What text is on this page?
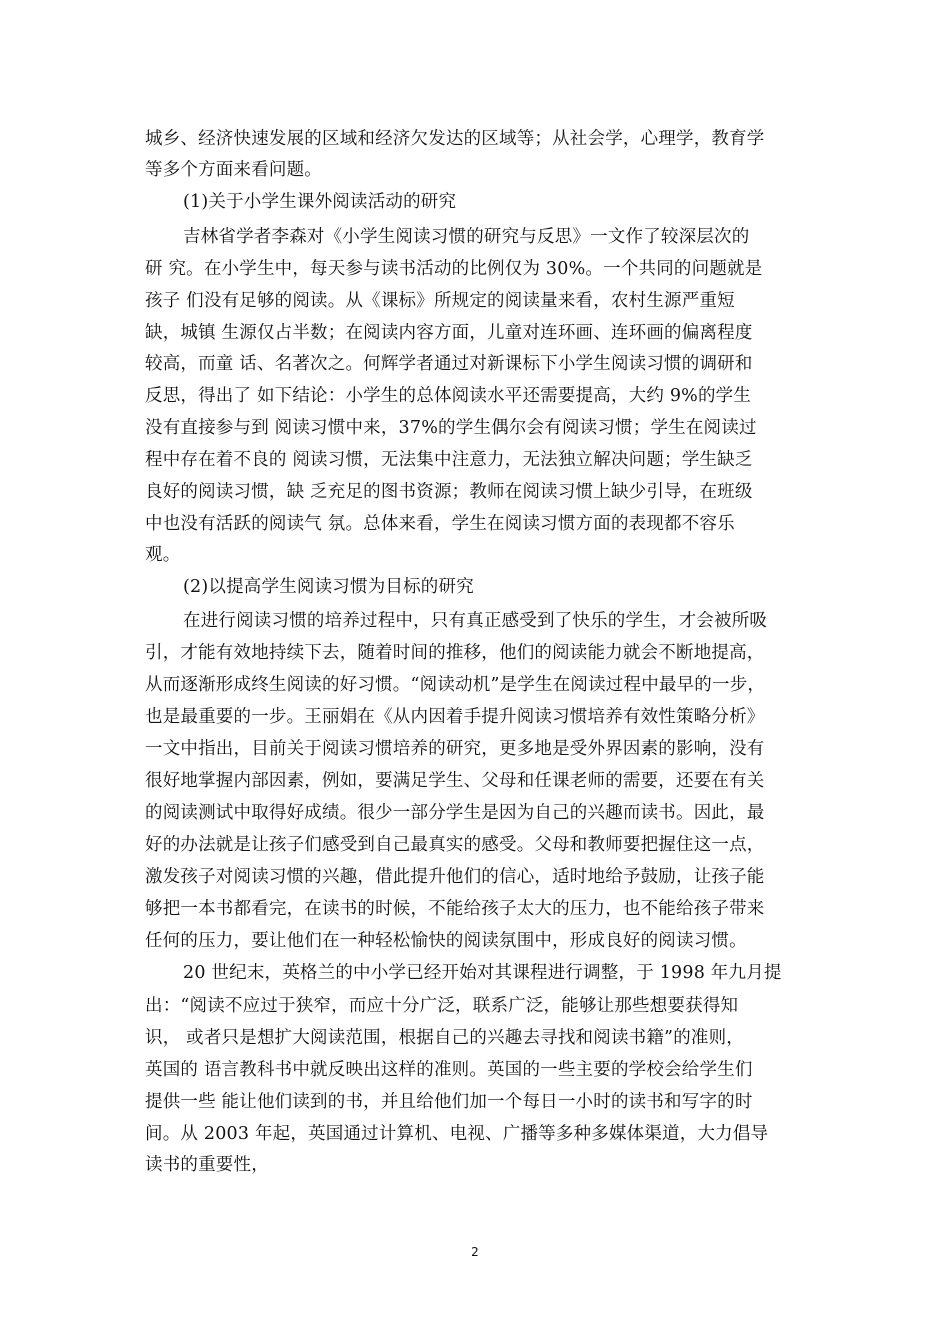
城乡、经济快速发展的区域和经济欠发达的区域等；从社会学，心理学，教育学
等多个方面来看问题。
(1)关于小学生课外阅读活动的研究
吉林省学者李森对《小学生阅读习惯的研究与反思》一文作了较深层次的
研 究。在小学生中，每天参与读书活动的比例仅为 30%。一个共同的问题就是
孩子 们没有足够的阅读。从《课标》所规定的阅读量来看，农村生源严重短
缺，城镇 生源仅占半数；在阅读内容方面，儿童对连环画、连环画的偏离程度
较高，而童 话、名著次之。何辉学者通过对新课标下小学生阅读习惯的调研和
反思，得出了 如下结论：小学生的总体阅读水平还需要提高，大约 9%的学生
没有直接参与到 阅读习惯中来，37%的学生偶尔会有阅读习惯；学生在阅读过
程中存在着不良的 阅读习惯，无法集中注意力，无法独立解决问题；学生缺乏
良好的阅读习惯，缺 乏充足的图书资源；教师在阅读习惯上缺少引导，在班级
中也没有活跃的阅读气 氛。总体来看，学生在阅读习惯方面的表现都不容乐
观。
(2)以提高学生阅读习惯为目标的研究
在进行阅读习惯的培养过程中，只有真正感受到了快乐的学生，才会被所吸
引，才能有效地持续下去，随着时间的推移，他们的阅读能力就会不断地提高，
从而逐渐形成终生阅读的好习惯。“阅读动机”是学生在阅读过程中最早的一步，
也是最重要的一步。王丽娟在《从内因着手提升阅读习惯培养有效性策略分析》
一文中指出，目前关于阅读习惯培养的研究，更多地是受外界因素的影响，没有
很好地掌握内部因素，例如，要满足学生、父母和任课老师的需要，还要在有关
的阅读测试中取得好成绩。很少一部分学生是因为自己的兴趣而读书。因此，最
好的办法就是让孩子们感受到自己最真实的感受。父母和教师要把握住这一点，
激发孩子对阅读习惯的兴趣，借此提升他们的信心，适时地给予鼓励，让孩子能
够把一本书都看完，在读书的时候，不能给孩子太大的压力，也不能给孩子带来
任何的压力，要让他们在一种轻松愉快的阅读氛围中，形成良好的阅读习惯。
20 世纪末，英格兰的中小学已经开始对其课程进行调整，于 1998 年九月提
出：“阅读不应过于狭窄，而应十分广泛，联系广泛，能够让那些想要获得知
识， 或者只是想扩大阅读范围，根据自己的兴趣去寻找和阅读书籍”的准则，
英国的 语言教科书中就反映出这样的准则。英国的一些主要的学校会给学生们
提供一些 能让他们读到的书，并且给他们加一个每日一小时的读书和写字的时
间。从 2003 年起，英国通过计算机、电视、广播等多种多媒体渠道，大力倡导
读书的重要性，
2
